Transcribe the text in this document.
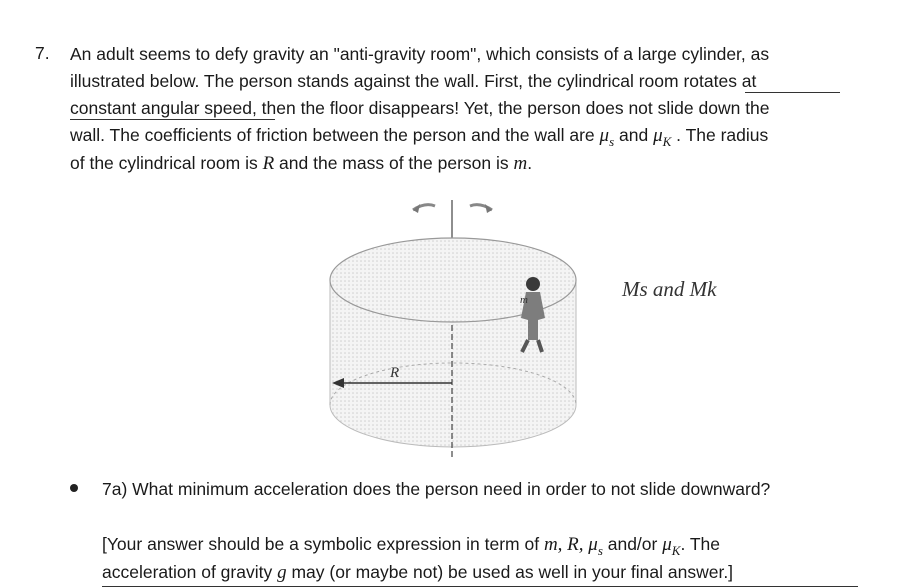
7. An adult seems to defy gravity an "anti-gravity room", which consists of a large cylinder, as
illustrated below. The person stands against the wall. First, the cylindrical room rotates at
constant angular speed, then the floor disappears! Yet, the person does not slide down the
wall. The coefficients of friction between the person and the wall are $\mu_s$ and $\mu_K$ . The radius
of the cylindrical room is R and the mass of the person is m.
R
m	Ms and Mk
7a) What minimum acceleration does the person need in order to not slide downward?
[Your answer should be a symbolic expression in term of m, R, $\mu_s$ and/or $\mu_K$. The
acceleration of gravity g may (or maybe not) be used as well in your final answer.]
